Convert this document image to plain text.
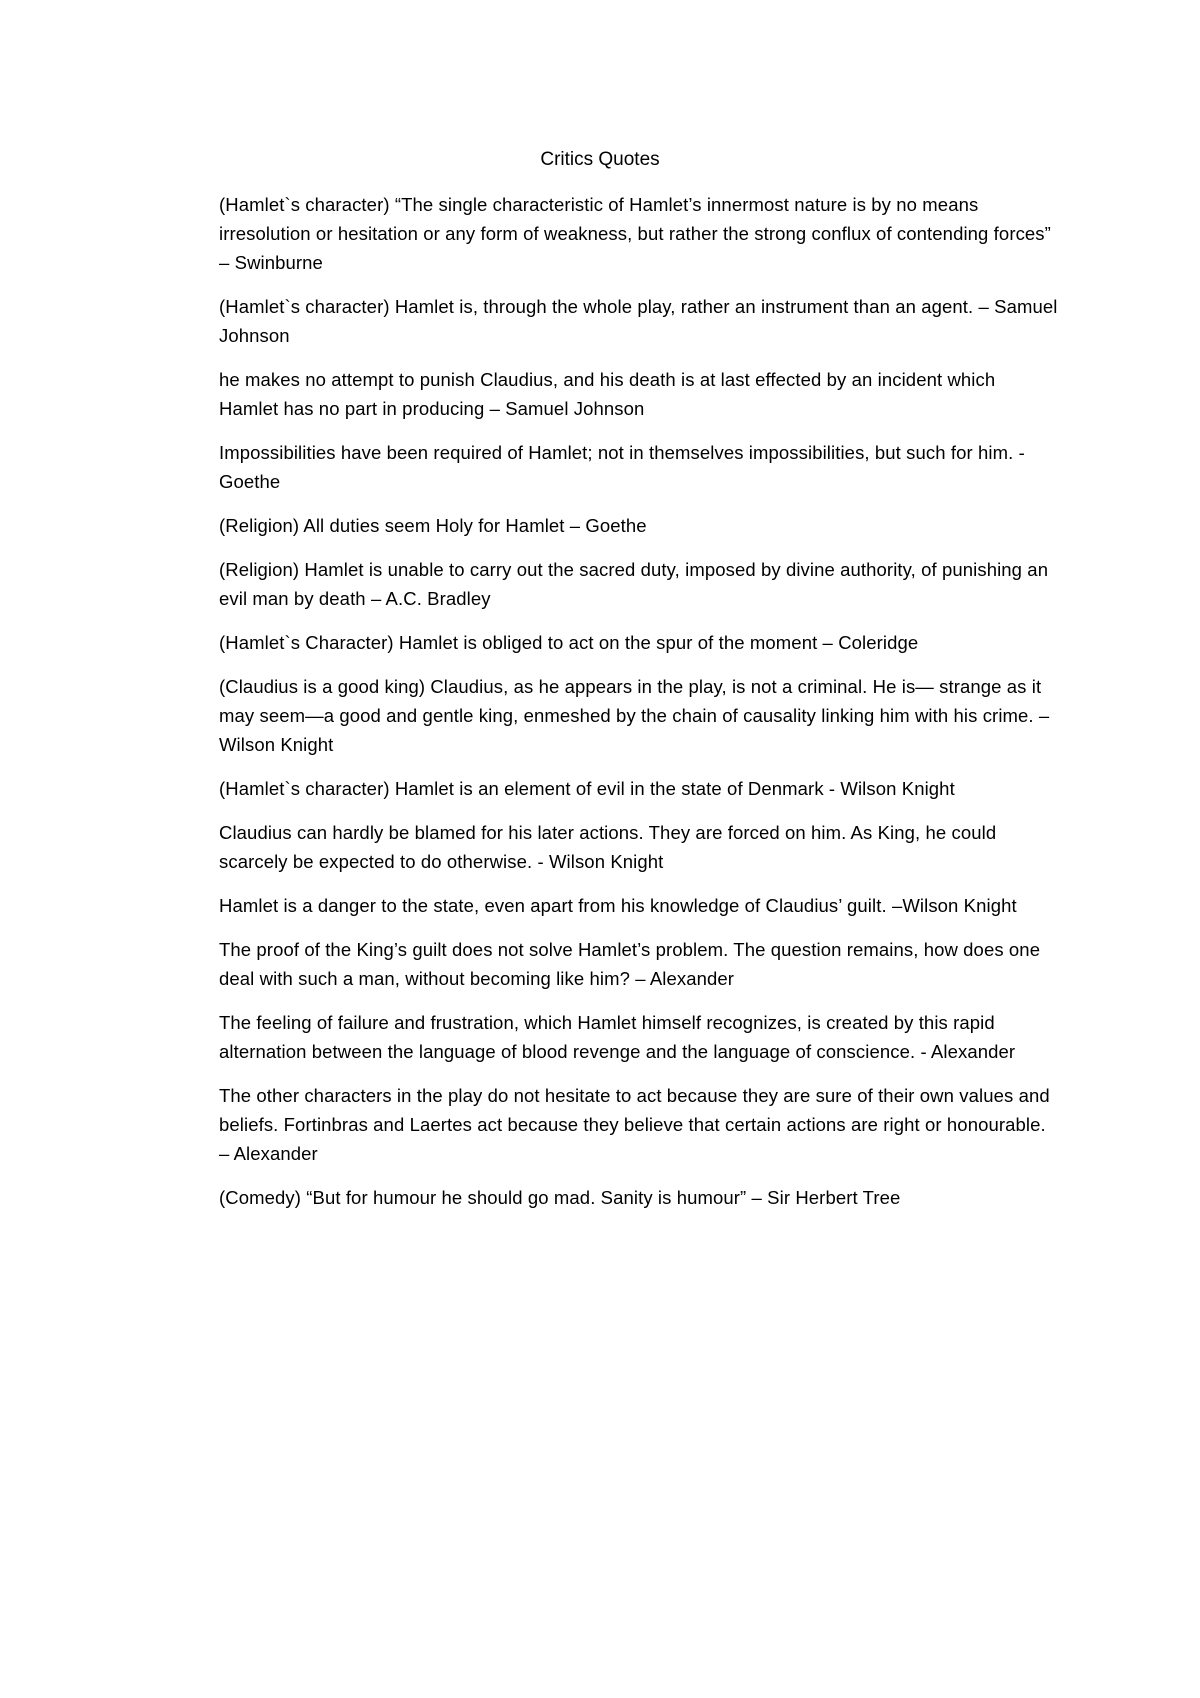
Critics Quotes
(Hamlet`s character) “The single characteristic of Hamlet’s innermost nature is by no means irresolution or hesitation or any form of weakness, but rather the strong conflux of contending forces” – Swinburne
(Hamlet`s character) Hamlet is, through the whole play, rather an instrument than an agent. – Samuel Johnson
he makes no attempt to punish Claudius, and his death is at last effected by an incident which Hamlet has no part in producing – Samuel Johnson
Impossibilities have been required of Hamlet; not in themselves impossibilities, but such for him. - Goethe
(Religion) All duties seem Holy for Hamlet – Goethe
(Religion) Hamlet is unable to carry out the sacred duty, imposed by divine authority, of punishing an evil man by death – A.C. Bradley
(Hamlet`s Character) Hamlet is obliged to act on the spur of the moment – Coleridge
(Claudius is a good king) Claudius, as he appears in the play, is not a criminal. He is— strange as it may seem—a good and gentle king, enmeshed by the chain of causality linking him with his crime. – Wilson Knight
(Hamlet`s character) Hamlet is an element of evil in the state of Denmark - Wilson Knight
Claudius can hardly be blamed for his later actions. They are forced on him. As King, he could scarcely be expected to do otherwise. - Wilson Knight
Hamlet is a danger to the state, even apart from his knowledge of Claudius’ guilt. –Wilson Knight
The proof of the King’s guilt does not solve Hamlet’s problem. The question remains, how does one deal with such a man, without becoming like him? – Alexander
The feeling of failure and frustration, which Hamlet himself recognizes, is created by this rapid alternation between the language of blood revenge and the language of conscience. - Alexander
The other characters in the play do not hesitate to act because they are sure of their own values and beliefs. Fortinbras and Laertes act because they believe that certain actions are right or honourable. – Alexander
(Comedy) “But for humour he should go mad. Sanity is humour” – Sir Herbert Tree
